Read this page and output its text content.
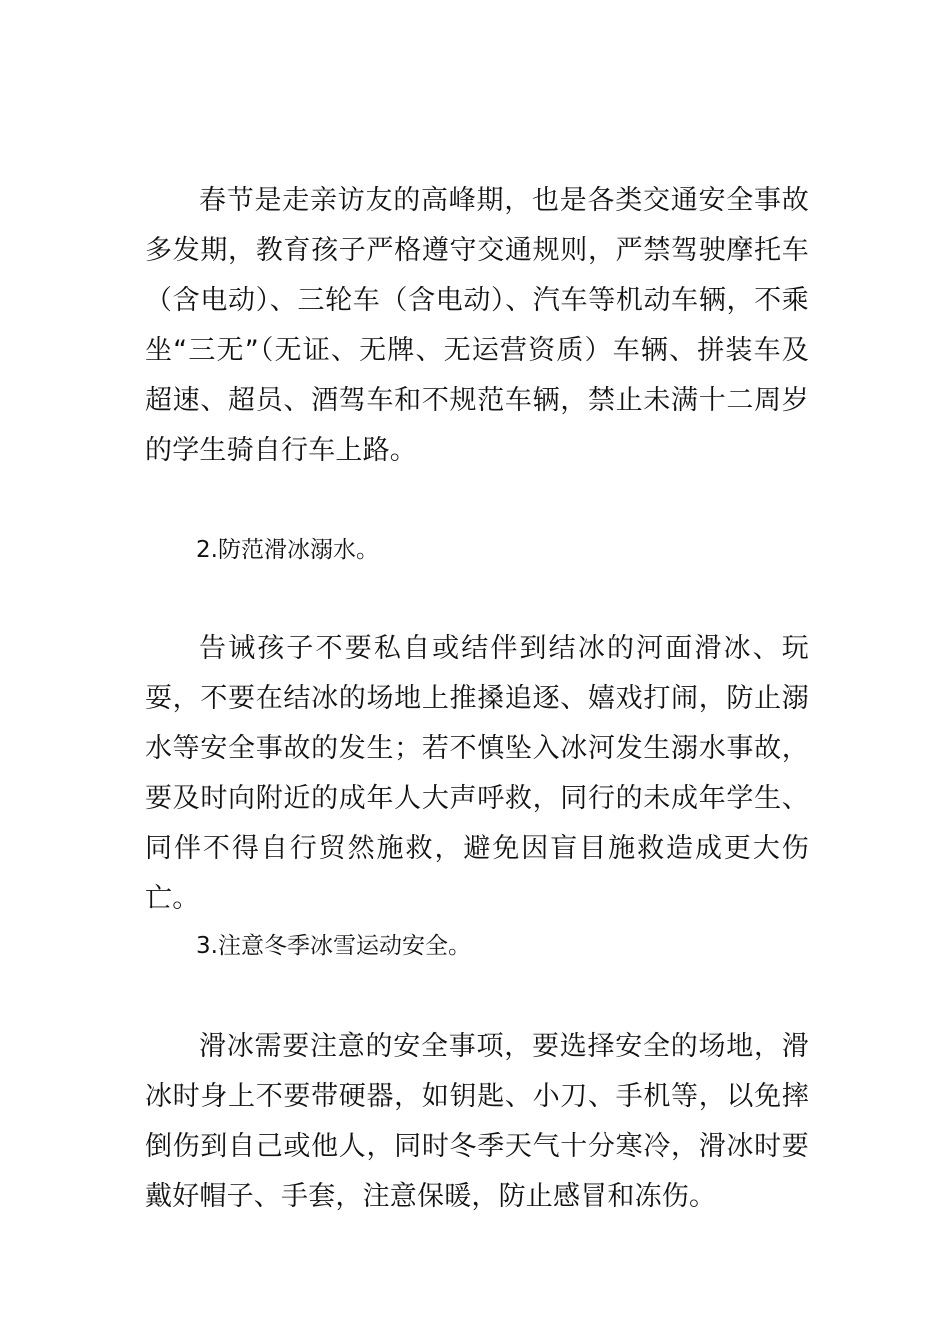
春节是走亲访友的高峰期，也是各类交通安全事故多发期，教育孩子严格遵守交通规则，严禁驾驶摩托车（含电动）、三轮车（含电动）、汽车等机动车辆，不乘坐“三无”（无证、无牌、无运营资质）车辆、拼装车及超速、超员、酒驾车和不规范车辆，禁止未满十二周岁的学生骑自行车上路。

2.防范滑冰溺水。

告诫孩子不要私自或结伴到结冰的河面滑冰、玩耍，不要在结冰的场地上推搡追逐、嬉戏打闹，防止溺水等安全事故的发生；若不慎坠入冰河发生溺水事故，要及时向附近的成年人大声呼救，同行的未成年学生、同伴不得自行贸然施救，避免因盲目施救造成更大伤亡。

3.注意冬季冰雪运动安全。

滑冰需要注意的安全事项，要选择安全的场地，滑冰时身上不要带硬器，如钥匙、小刀、手机等，以免摔倒伤到自己或他人，同时冬季天气十分寒冷，滑冰时要戴好帽子、手套，注意保暖，防止感冒和冻伤。
